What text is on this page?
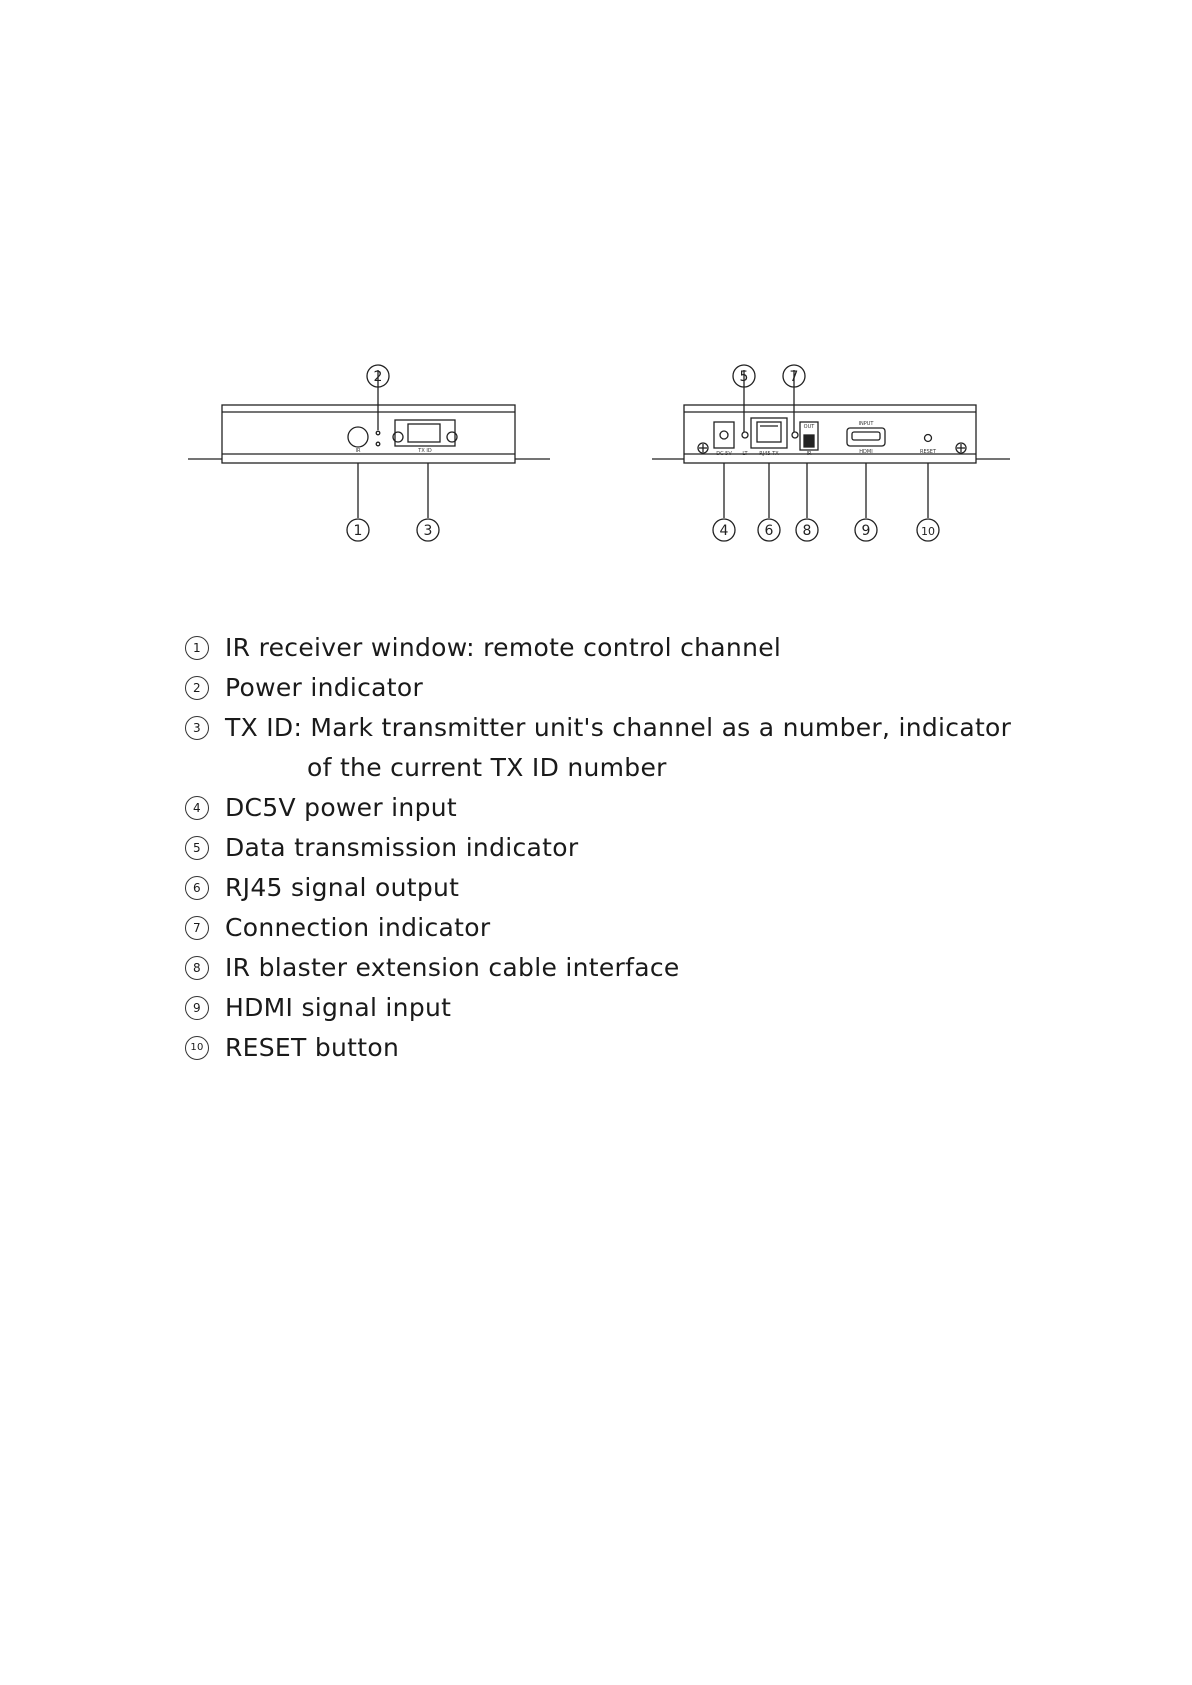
IR	TX ID	DC 5V LT RJ45 TX
OUT
IR
INPUT
HDMI	RESET
2	5	7
1	3	4	6 8	9	10
1 IR receiver window: remote control channel
2 Power indicator
3 TX ID: Mark transmitter unit's channel as a number, indicator
of the current TX ID number
4 DC5V power input
5 Data transmission indicator
6 RJ45 signal output
7 Connection indicator
8 IR blaster extension cable interface
9 HDMI signal input
10 RESET button
